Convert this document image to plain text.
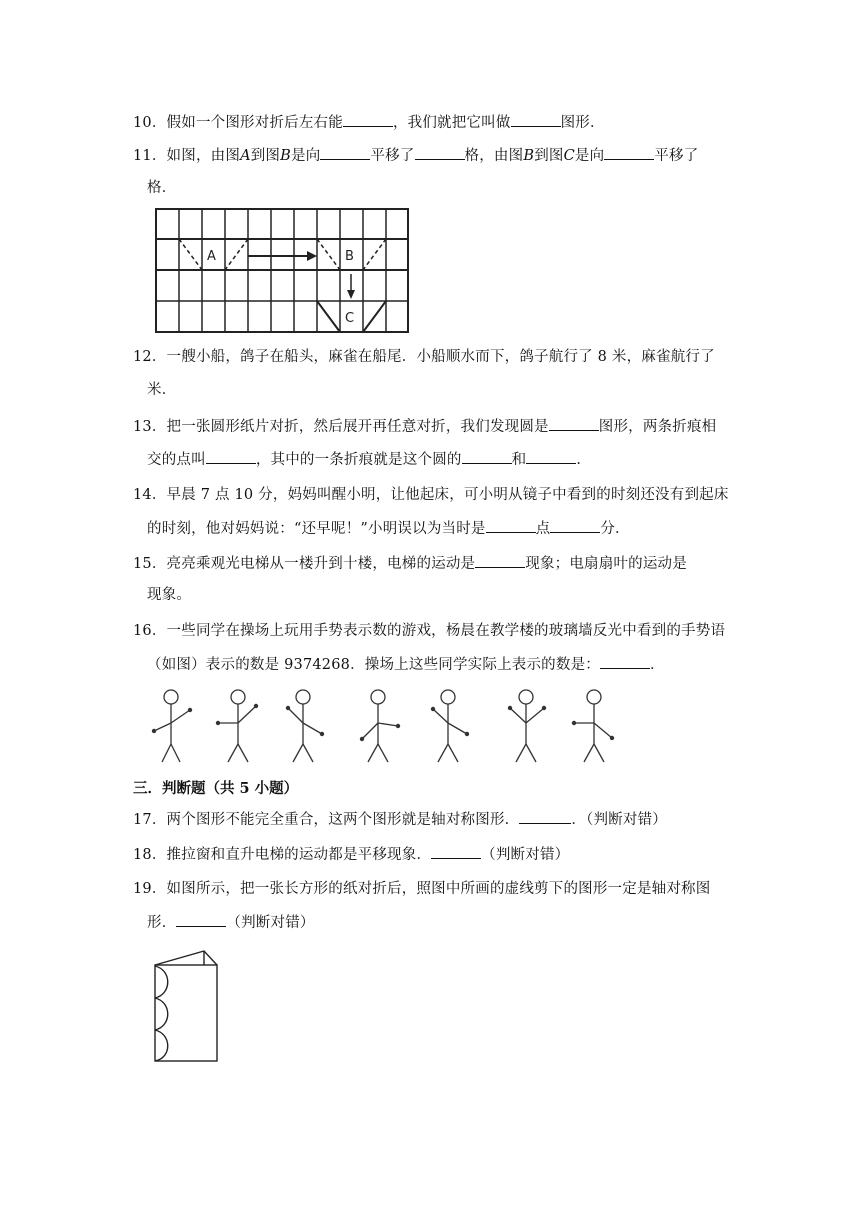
10．假如一个图形对折后左右能	，我们就把它叫做	图形．
11．如图，由图A到图B是向	平移了	格，由图B到图C是向	平移了
格．
A	B
C
12．一艘小船，鸽子在船头，麻雀在船尾．小船顺水而下，鸽子航行了 8 米，麻雀航行了
米．
13．把一张圆形纸片对折，然后展开再任意对折，我们发现圆是	图形，两条折痕相
交的点叫	，其中的一条折痕就是这个圆的	和	．
14．早晨 7 点 10 分，妈妈叫醒小明，让他起床，可小明从镜子中看到的时刻还没有到起床
的时刻，他对妈妈说：“还早呢！”小明误以为当时是	点	分．
15．亮亮乘观光电梯从一楼升到十楼，电梯的运动是	现象；电扇扇叶的运动是
现象。
16．一些同学在操场上玩用手势表示数的游戏，杨晨在教学楼的玻璃墙反光中看到的手势语
（如图）表示的数是 9374268．操场上这些同学实际上表示的数是：	．
三．判断题（共 5 小题）
17．两个图形不能完全重合，这两个图形就是轴对称图形．	．（判断对错）
18．推拉窗和直升电梯的运动都是平移现象．	（判断对错）
19．如图所示，把一张长方形的纸对折后，照图中所画的虚线剪下的图形一定是轴对称图
形．	（判断对错）
